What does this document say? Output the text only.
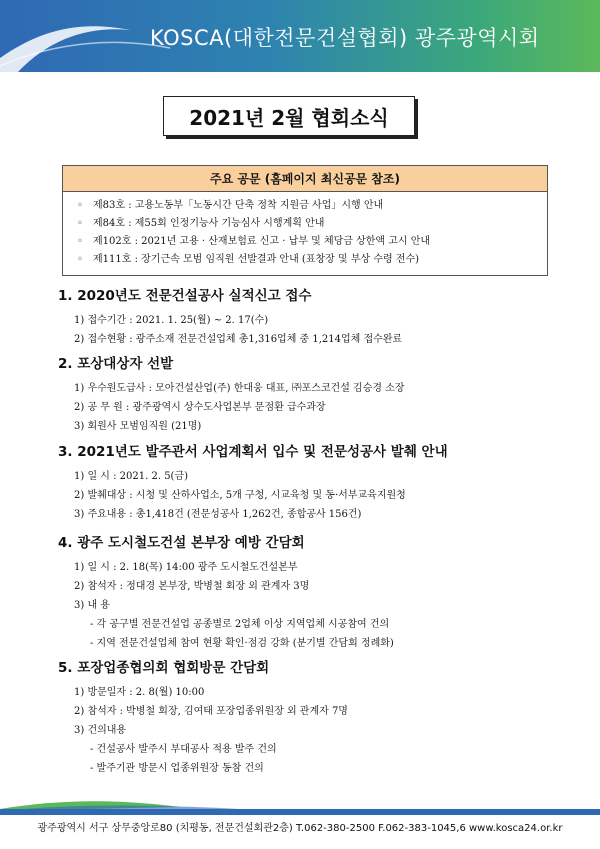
KOSCA(대한전문건설협회) 광주광역시회
2021년 2월 협회소식
주요 공문 (홈페이지 최신공문 참조)
◦ 제83호 : 고용노동부「노동시간 단축 정착 지원금 사업」시행 안내
◦ 제84호 : 제55회 인정기능사 기능심사 시행계획 안내
◦ 제102호 : 2021년 고용 · 산재보험료 신고 · 납부 및 체당금 상한액 고시 안내
◦ 제111호 : 장기근속 모범 임직원 선발결과 안내 (표창장 및 부상 수령 전수)
1. 2020년도 전문건설공사 실적신고 접수
1) 접수기간 : 2021. 1. 25(월) ~ 2. 17(수)
2) 접수현황 : 광주소재 전문건설업체 총1,316업체 중 1,214업체 접수완료
2. 포상대상자 선발
1) 우수원도급사 : 모아건설산업(주) 한대웅 대표, ㈜포스코건설 김승경 소장
2) 공 무 원 : 광주광역시 상수도사업본부 문점환 급수과장
3) 회원사 모범임직원 (21명)
3. 2021년도 발주관서 사업계획서 입수 및 전문성공사 발췌 안내
1) 일 시 : 2021. 2. 5(금)
2) 발췌대상 : 시청 및 산하사업소, 5개 구청, 시교육청 및 동·서부교육지원청
3) 주요내용 : 총1,418건 (전문성공사 1,262건, 종합공사 156건)
4. 광주 도시철도건설 본부장 예방 간담회
1) 일 시 : 2. 18(목) 14:00 광주 도시철도건설본부
2) 참석자 : 정대경 본부장, 박병철 회장 외 관계자 3명
3) 내 용
- 각 공구별 전문건설업 공종별로 2업체 이상 지역업체 시공참여 건의
- 지역 전문건설업체 참여 현황 확인·점검 강화 (분기별 간담회 정례화)
5. 포장업종협의회 협회방문 간담회
1) 방문일자 : 2. 8(월) 10:00
2) 참석자 : 박병철 회장, 김여태 포장업종위원장 외 관계자 7명
3) 건의내용
- 건설공사 발주시 부대공사 적용 발주 건의
- 발주기관 방문시 업종위원장 동참 건의
광주광역시 서구 상무중앙로80 (치평동, 전문건설회관2층) T.062-380-2500 F.062-383-1045,6 www.kosca24.or.kr
